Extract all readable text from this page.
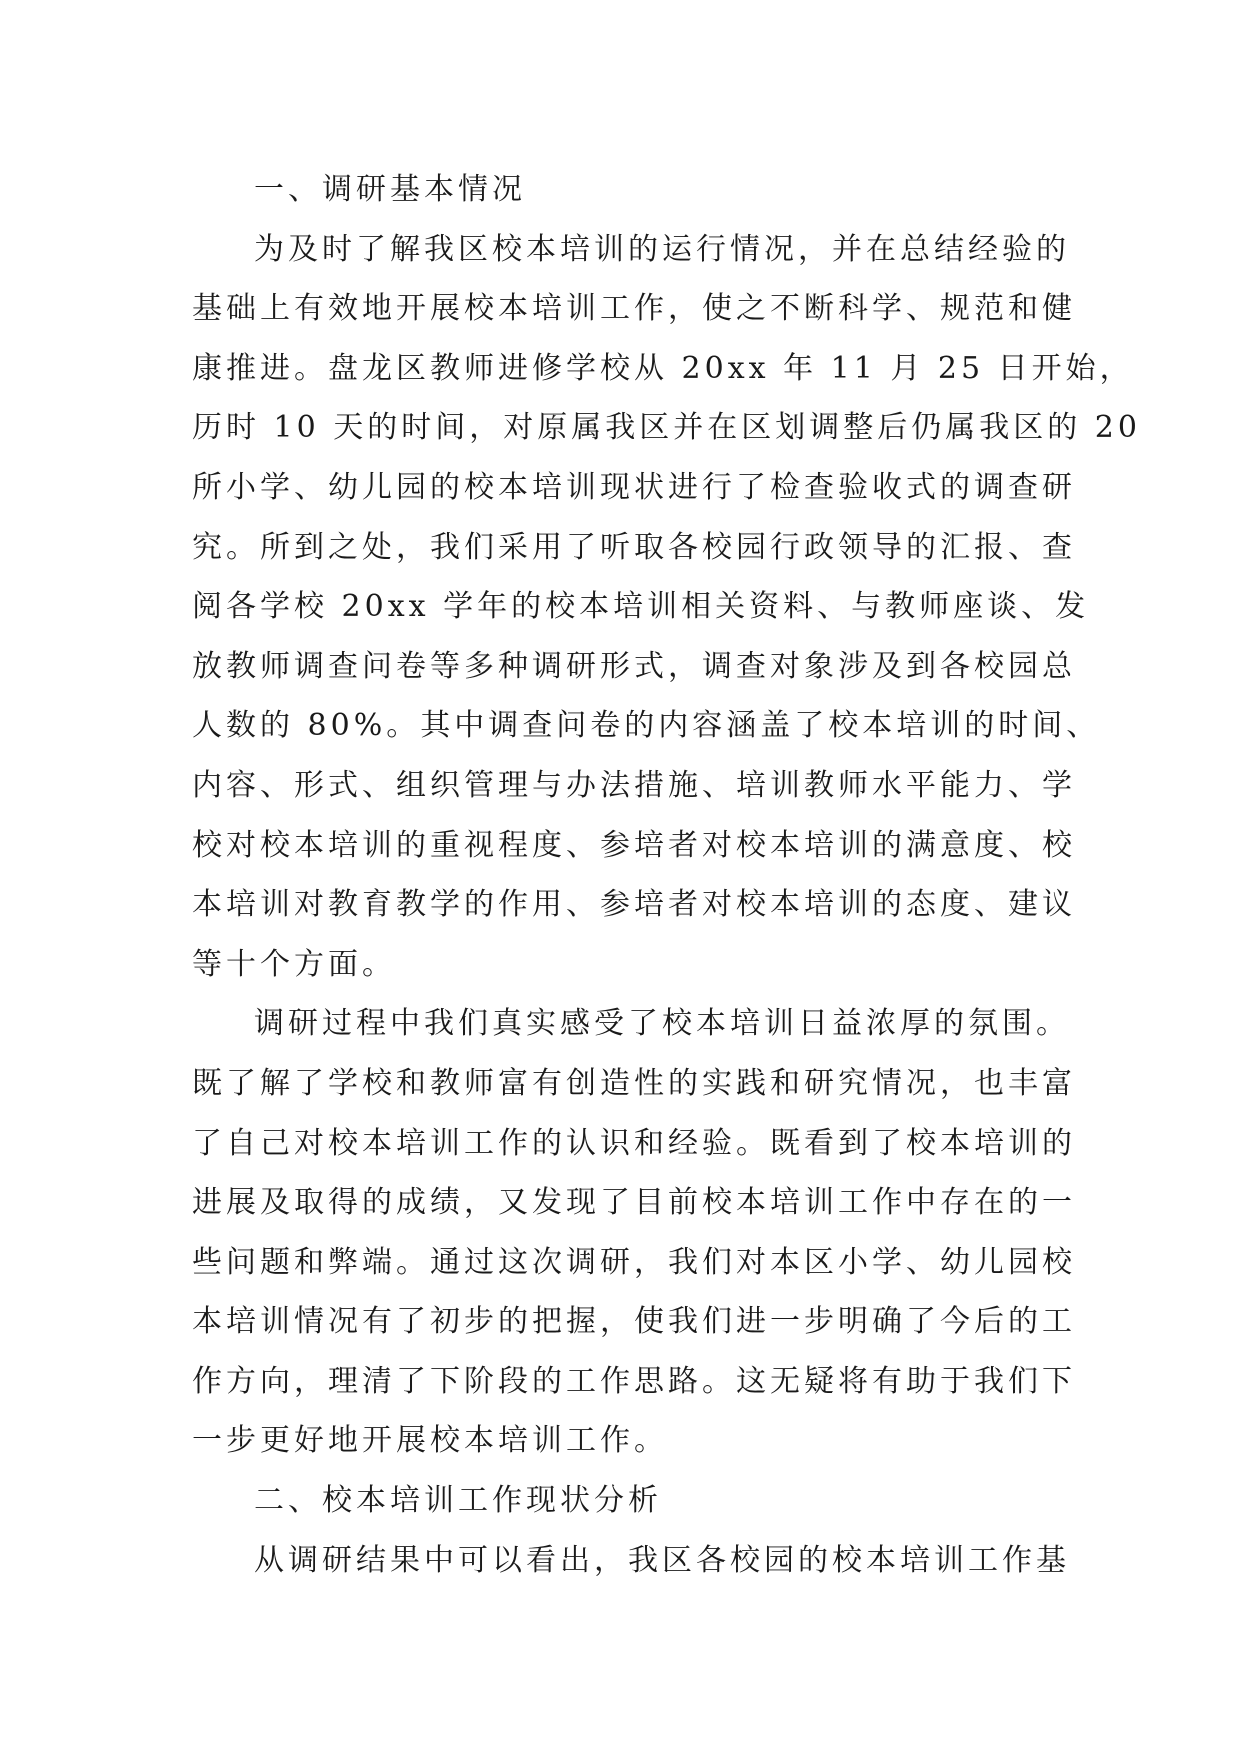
一、调研基本情况
为及时了解我区校本培训的运行情况，并在总结经验的
基础上有效地开展校本培训工作，使之不断科学、规范和健
康推进。盘龙区教师进修学校从 20xx 年 11 月 25 日开始，
历时 10 天的时间，对原属我区并在区划调整后仍属我区的 20
所小学、幼儿园的校本培训现状进行了检查验收式的调查研
究。所到之处，我们采用了听取各校园行政领导的汇报、查
阅各学校 20xx 学年的校本培训相关资料、与教师座谈、发
放教师调查问卷等多种调研形式，调查对象涉及到各校园总
人数的 80%。其中调查问卷的内容涵盖了校本培训的时间、
内容、形式、组织管理与办法措施、培训教师水平能力、学
校对校本培训的重视程度、参培者对校本培训的满意度、校
本培训对教育教学的作用、参培者对校本培训的态度、建议
等十个方面。
调研过程中我们真实感受了校本培训日益浓厚的氛围。
既了解了学校和教师富有创造性的实践和研究情况，也丰富
了自己对校本培训工作的认识和经验。既看到了校本培训的
进展及取得的成绩，又发现了目前校本培训工作中存在的一
些问题和弊端。通过这次调研，我们对本区小学、幼儿园校
本培训情况有了初步的把握，使我们进一步明确了今后的工
作方向，理清了下阶段的工作思路。这无疑将有助于我们下
一步更好地开展校本培训工作。
二、校本培训工作现状分析
从调研结果中可以看出，我区各校园的校本培训工作基
